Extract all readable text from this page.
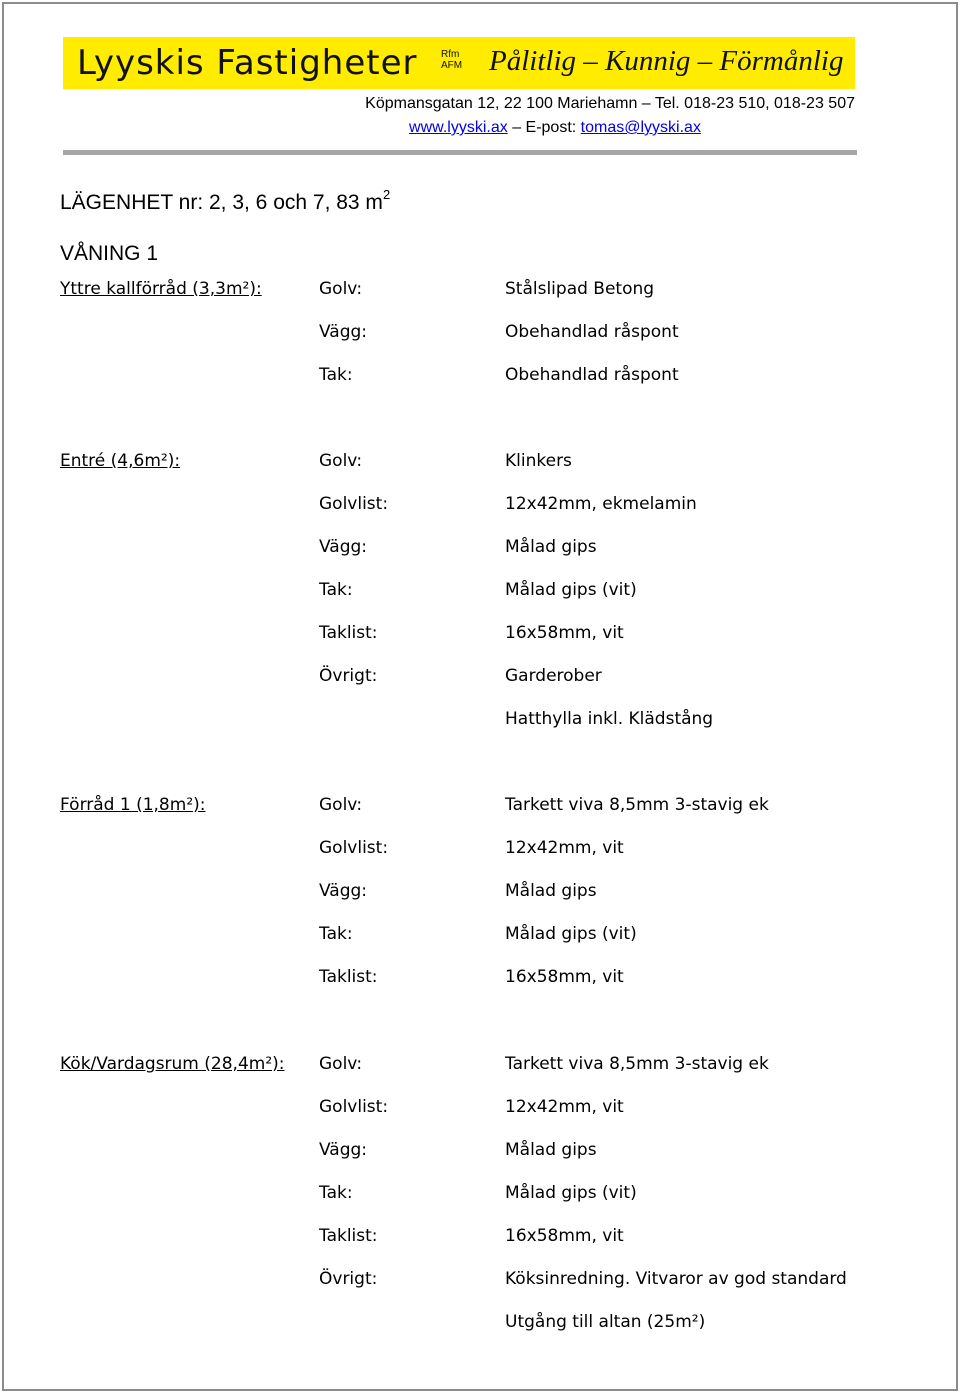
Lyyskis Fastigheter Rfm
AFM Pålitlig – Kunnig – Förmånlig
Köpmansgatan 12, 22 100 Mariehamn – Tel. 018-23 510, 018-23 507
www.lyyski.ax – E-post: tomas@lyyski.ax
LÄGENHET nr: 2, 3, 6 och 7, 83 $m^2$
VÅNING 1
Yttre kallförråd (3,3m²):	Golv:	Stålslipad Betong
Vägg:	Obehandlad råspont
Tak:	Obehandlad råspont
Entré (4,6m²):	Golv:	Klinkers
Golvlist:	12x42mm, ekmelamin
Vägg:	Målad gips
Tak:	Målad gips (vit)
Taklist:	16x58mm, vit
Övrigt:	Garderober
Hatthylla inkl. Klädstång
Förråd 1 (1,8m²):	Golv:	Tarkett viva 8,5mm 3-stavig ek
Golvlist:	12x42mm, vit
Vägg:	Målad gips
Tak:	Målad gips (vit)
Taklist:	16x58mm, vit
Kök/Vardagsrum (28,4m²): Golv:	Tarkett viva 8,5mm 3-stavig ek
Golvlist:	12x42mm, vit
Vägg:	Målad gips
Tak:	Målad gips (vit)
Taklist:	16x58mm, vit
Övrigt:	Köksinredning. Vitvaror av god standard
Utgång till altan (25m²)
